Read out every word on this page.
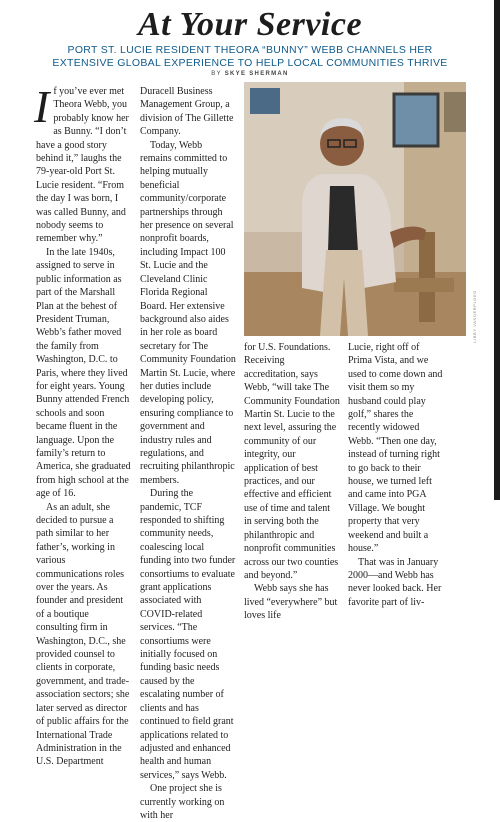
At Your Service
PORT ST. LUCIE RESIDENT THEORA “BUNNY” WEBB CHANNELS HER EXTENSIVE GLOBAL EXPERIENCE TO HELP LOCAL COMMUNITIES THRIVE
BY SKYE SHERMAN
I f you’ve ever met Theora Webb, you probably know her as Bunny. “I don’t have a good story behind it,” laughs the 79-year-old Port St. Lucie resident. “From the day I was born, I was called Bunny, and nobody seems to remember why.”

In the late 1940s, assigned to serve in public information as part of the Marshall Plan at the behest of President Truman, Webb’s father moved the family from Washington, D.C. to Paris, where they lived for eight years. Young Bunny attended French schools and soon became fluent in the language. Upon the family’s return to America, she graduated from high school at the age of 16.

As an adult, she decided to pursue a path similar to her father’s, working in various communications roles over the years. As founder and president of a boutique consulting firm in Washington, D.C., she provided counsel to clients in corporate, government, and trade-association sectors; she later served as director of public affairs for the International Trade Administration in the U.S. Department

Duracell Business Management Group, a division of The Gillette Company.

Today, Webb remains committed to helping mutually beneficial community/corporate partnerships through her presence on several nonprofit boards, including Impact 100 St. Lucie and the Cleveland Clinic Florida Regional Board. Her extensive background also aides in her role as board secretary for The Community Foundation Martin St. Lucie, where her duties include developing policy, ensuring compliance to government and industry rules and regulations, and recruiting philanthropic members.

During the pandemic, TCF responded to shifting community needs, coalescing local funding into two funder consortiums to evaluate grant applications associated with COVID-related services. “The consortiums were initially focused on funding basic needs caused by the escalating number of clients and has continued to field grant applications related to adjusted and enhanced health and human services,” says Webb.

One project she is currently working on with her

LIBBY VANDERPLOEG

for U.S. Foundations. Receiving accreditation, says Webb, “will take The Community Foundation Martin St. Lucie to the next level, assuring the community of our integrity, our application of best practices, and our effective and efficient use of time and talent in serving both the philanthropic and nonprofit communities across our two counties and beyond.”

Webb says she has lived “everywhere” but loves life

Lucie, right off of Prima Vista, and we used to come down and visit them so my husband could play golf,” shares the recently widowed Webb. “Then one day, instead of turning right to go back to their house, we turned left and came into PGA Village. We bought property that very weekend and built a house.”

That was in January 2000—and Webb has never looked back. Her favorite part of liv-
